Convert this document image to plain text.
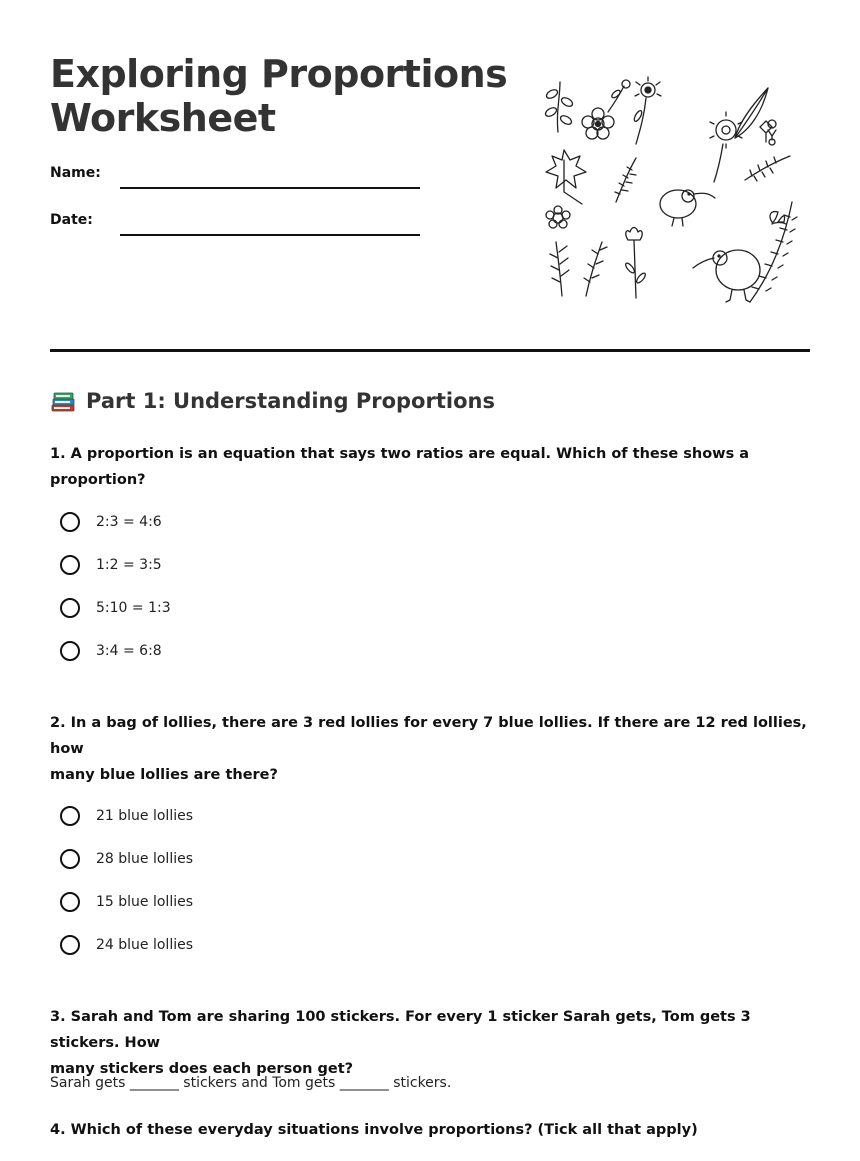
Exploring Proportions
Worksheet
Name:
Date:
Part 1: Understanding Proportions
1. A proportion is an equation that says two ratios are equal. Which of these shows a proportion?
2:3 = 4:6
1:2 = 3:5
5:10 = 1:3
3:4 = 6:8
2. In a bag of lollies, there are 3 red lollies for every 7 blue lollies. If there are 12 red lollies, how
many blue lollies are there?
21 blue lollies
28 blue lollies
15 blue lollies
24 blue lollies
3. Sarah and Tom are sharing 100 stickers. For every 1 sticker Sarah gets, Tom gets 3 stickers. How
many stickers does each person get?
Sarah gets _______ stickers and Tom gets _______ stickers.
4. Which of these everyday situations involve proportions? (Tick all that apply)
